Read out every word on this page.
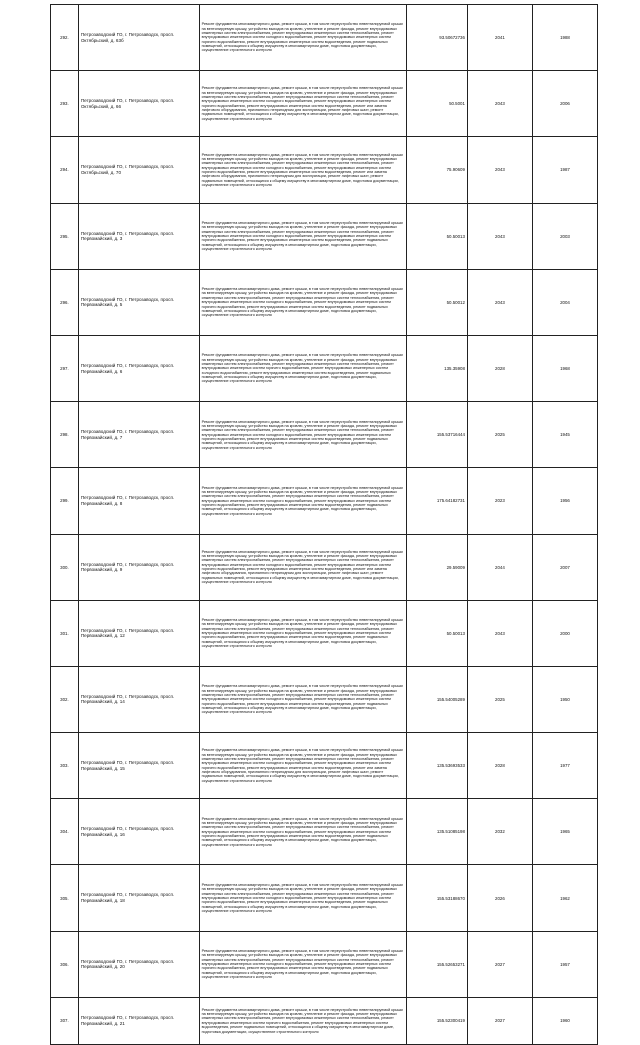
292.	Петрозаводский ГО, г. Петрозаводск, просп. Октябрьский, д. 63б	Ремонт фундамента многоквартирного дома, ремонт крыши, в том числе переустройство невентилируемой крыши на вентилируемую крышу, устройство выходов на кровлю, утепление и ремонт фасада, ремонт внутридомовых инженерных систем электроснабжения, ремонт внутридомовых инженерных систем теплоснабжения, ремонт внутридомовых инженерных систем холодного водоснабжения, ремонт внутридомовых инженерных систем горячего водоснабжения, ремонт внутридомовых инженерных систем водоотведения, ремонт подвальных помещений, относящихся к общему имуществу в многоквартирном доме, подготовка документации, осуществление строительного контроля	93.50672736	2041	1988
293.	Петрозаводский ГО, г. Петрозаводск, просп. Октябрьский, д. 66	Ремонт фундамента многоквартирного дома, ремонт крыши, в том числе переустройство невентилируемой крыши на вентилируемую крышу, устройство выходов на кровлю, утепление и ремонт фасада, ремонт внутридомовых инженерных систем электроснабжения, ремонт внутридомовых инженерных систем теплоснабжения, ремонт внутридомовых инженерных систем холодного водоснабжения, ремонт внутридомовых инженерных систем горячего водоснабжения, ремонт внутридомовых инженерных систем водоотведения, ремонт или замена лифтового оборудования, признанного непригодным для эксплуатации, ремонт лифтовых шахт, ремонт подвальных помещений, относящихся к общему имуществу в многоквартирном доме, подготовка документации, осуществление строительного контроля	50.5001	2043	2006
294.	Петрозаводский ГО, г. Петрозаводск, просп. Октябрьский, д. 70	Ремонт фундамента многоквартирного дома, ремонт крыши, в том числе переустройство невентилируемой крыши на вентилируемую крышу, устройство выходов на кровлю, утепление и ремонт фасада, ремонт внутридомовых инженерных систем электроснабжения, ремонт внутридомовых инженерных систем теплоснабжения, ремонт внутридомовых инженерных систем холодного водоснабжения, ремонт внутридомовых инженерных систем горячего водоснабжения, ремонт внутридомовых инженерных систем водоотведения, ремонт или замена лифтового оборудования, признанного непригодным для эксплуатации, ремонт лифтовых шахт, ремонт подвальных помещений, относящихся к общему имуществу в многоквартирном доме, подготовка документации, осуществление строительного контроля	75.90609	2043	1987
295.	Петрозаводский ГО, г. Петрозаводск, просп. Первомайский, д. 3	Ремонт фундамента многоквартирного дома, ремонт крыши, в том числе переустройство невентилируемой крыши на вентилируемую крышу, устройство выходов на кровлю, утепление и ремонт фасада, ремонт внутридомовых инженерных систем электроснабжения, ремонт внутридомовых инженерных систем теплоснабжения, ремонт внутридомовых инженерных систем холодного водоснабжения, ремонт внутридомовых инженерных систем горячего водоснабжения, ремонт внутридомовых инженерных систем водоотведения, ремонт подвальных помещений, относящихся к общему имуществу в многоквартирном доме, подготовка документации, осуществление строительного контроля	50.50013	2043	2003
296.	Петрозаводский ГО, г. Петрозаводск, просп. Первомайский, д. 5	Ремонт фундамента многоквартирного дома, ремонт крыши, в том числе переустройство невентилируемой крыши на вентилируемую крышу, устройство выходов на кровлю, утепление и ремонт фасада, ремонт внутридомовых инженерных систем электроснабжения, ремонт внутридомовых инженерных систем теплоснабжения, ремонт внутридомовых инженерных систем холодного водоснабжения, ремонт внутридомовых инженерных систем горячего водоснабжения, ремонт внутридомовых инженерных систем водоотведения, ремонт подвальных помещений, относящихся к общему имуществу в многоквартирном доме, подготовка документации, осуществление строительного контроля	50.50012	2043	2004
297.	Петрозаводский ГО, г. Петрозаводск, просп. Первомайский, д. 6	Ремонт фундамента многоквартирного дома, ремонт крыши, в том числе переустройство невентилируемой крыши на вентилируемую крышу, устройство выходов на кровлю, утепление и ремонт фасада, ремонт внутридомовых инженерных систем электроснабжения, ремонт внутридомовых инженерных систем теплоснабжения, ремонт внутридомовых инженерных систем горячего водоснабжения, ремонт внутридомовых инженерных систем холодного водоснабжения, ремонт внутридомовых инженерных систем водоотведения, ремонт подвальных помещений, относящихся к общему имуществу в многоквартирном доме, подготовка документации, осуществление строительного контроля	135.35908	2028	1968
298.	Петрозаводский ГО, г. Петрозаводск, просп. Первомайский, д. 7	Ремонт фундамента многоквартирного дома, ремонт крыши, в том числе переустройство невентилируемой крыши на вентилируемую крышу, устройство выходов на кровлю, утепление и ремонт фасада, ремонт внутридомовых инженерных систем электроснабжения, ремонт внутридомовых инженерных систем теплоснабжения, ремонт внутридомовых инженерных систем холодного водоснабжения, ремонт внутридомовых инженерных систем горячего водоснабжения, ремонт внутридомовых инженерных систем водоотведения, ремонт подвальных помещений, относящихся к общему имуществу в многоквартирном доме, подготовка документации, осуществление строительного контроля	155.53716444	2025	1945
299.	Петрозаводский ГО, г. Петрозаводск, просп. Первомайский, д. 8	Ремонт фундамента многоквартирного дома, ремонт крыши, в том числе переустройство невентилируемой крыши на вентилируемую крышу, устройство выходов на кровлю, утепление и ремонт фасада, ремонт внутридомовых инженерных систем электроснабжения, ремонт внутридомовых инженерных систем теплоснабжения, ремонт внутридомовых инженерных систем холодного водоснабжения, ремонт внутридомовых инженерных систем горячего водоснабжения, ремонт внутридомовых инженерных систем водоотведения, ремонт подвальных помещений, относящихся к общему имуществу в многоквартирном доме, подготовка документации, осуществление строительного контроля	175.64182731	2023	1956
300.	Петрозаводский ГО, г. Петрозаводск, просп. Первомайский, д. 9	Ремонт фундамента многоквартирного дома, ремонт крыши, в том числе переустройство невентилируемой крыши на вентилируемую крышу, устройство выходов на кровлю, утепление и ремонт фасада, ремонт внутридомовых инженерных систем электроснабжения, ремонт внутридомовых инженерных систем теплоснабжения, ремонт внутридомовых инженерных систем холодного водоснабжения, ремонт внутридомовых инженерных систем горячего водоснабжения, ремонт внутридомовых инженерных систем водоотведения, ремонт или замена лифтового оборудования, признанного непригодным для эксплуатации, ремонт лифтовых шахт, ремонт подвальных помещений, относящихся к общему имуществу в многоквартирном доме, подготовка документации, осуществление строительного контроля	29.59009	2044	2007
301.	Петрозаводский ГО, г. Петрозаводск, просп. Первомайский, д. 12	Ремонт фундамента многоквартирного дома, ремонт крыши, в том числе переустройство невентилируемой крыши на вентилируемую крышу, устройство выходов на кровлю, утепление и ремонт фасада, ремонт внутридомовых инженерных систем электроснабжения, ремонт внутридомовых инженерных систем теплоснабжения, ремонт внутридомовых инженерных систем холодного водоснабжения, ремонт внутридомовых инженерных систем горячего водоснабжения, ремонт внутридомовых инженерных систем водоотведения, ремонт подвальных помещений, относящихся к общему имуществу в многоквартирном доме, подготовка документации, осуществление строительного контроля	50.50013	2043	2000
302.	Петрозаводский ГО, г. Петрозаводск, просп. Первомайский, д. 14	Ремонт фундамента многоквартирного дома, ремонт крыши, в том числе переустройство невентилируемой крыши на вентилируемую крышу, устройство выходов на кровлю, утепление и ремонт фасада, ремонт внутридомовых инженерных систем электроснабжения, ремонт внутридомовых инженерных систем теплоснабжения, ремонт внутридомовых инженерных систем холодного водоснабжения, ремонт внутридомовых инженерных систем горячего водоснабжения, ремонт внутридомовых инженерных систем водоотведения, ремонт подвальных помещений, относящихся к общему имуществу в многоквартирном доме, подготовка документации, осуществление строительного контроля	155.54005289	2025	1950
303.	Петрозаводский ГО, г. Петрозаводск, просп. Первомайский, д. 15	Ремонт фундамента многоквартирного дома, ремонт крыши, в том числе переустройство невентилируемой крыши на вентилируемую крышу, устройство выходов на кровлю, утепление и ремонт фасада, ремонт внутридомовых инженерных систем электроснабжения, ремонт внутридомовых инженерных систем теплоснабжения, ремонт внутридомовых инженерных систем холодного водоснабжения, ремонт внутридомовых инженерных систем горячего водоснабжения, ремонт внутридомовых инженерных систем водоотведения, ремонт или замена лифтового оборудования, признанного непригодным для эксплуатации, ремонт лифтовых шахт, ремонт подвальных помещений, относящихся к общему имуществу в многоквартирном доме, подготовка документации, осуществление строительного контроля	135.53693533	2028	1977
304.	Петрозаводский ГО, г. Петрозаводск, просп. Первомайский, д. 16	Ремонт фундамента многоквартирного дома, ремонт крыши, в том числе переустройство невентилируемой крыши на вентилируемую крышу, устройство выходов на кровлю, утепление и ремонт фасада, ремонт внутридомовых инженерных систем электроснабжения, ремонт внутридомовых инженерных систем теплоснабжения, ремонт внутридомовых инженерных систем холодного водоснабжения, ремонт внутридомовых инженерных систем горячего водоснабжения, ремонт внутридомовых инженерных систем водоотведения, ремонт подвальных помещений, относящихся к общему имуществу в многоквартирном доме, подготовка документации, осуществление строительного контроля	135.51085198	2032	1965
305.	Петрозаводский ГО, г. Петрозаводск, просп. Первомайский, д. 18	Ремонт фундамента многоквартирного дома, ремонт крыши, в том числе переустройство невентилируемой крыши на вентилируемую крышу, устройство выходов на кровлю, утепление и ремонт фасада, ремонт внутридомовых инженерных систем электроснабжения, ремонт внутридомовых инженерных систем теплоснабжения, ремонт внутридомовых инженерных систем холодного водоснабжения, ремонт внутридомовых инженерных систем горячего водоснабжения, ремонт внутридомовых инженерных систем водоотведения, ремонт подвальных помещений, относящихся к общему имуществу в многоквартирном доме, подготовка документации, осуществление строительного контроля	155.53188670	2026	1962
306.	Петрозаводский ГО, г. Петрозаводск, просп. Первомайский, д. 20	Ремонт фундамента многоквартирного дома, ремонт крыши, в том числе переустройство невентилируемой крыши на вентилируемую крышу, устройство выходов на кровлю, утепление и ремонт фасада, ремонт внутридомовых инженерных систем электроснабжения, ремонт внутридомовых инженерных систем теплоснабжения, ремонт внутридомовых инженерных систем холодного водоснабжения, ремонт внутридомовых инженерных систем горячего водоснабжения, ремонт внутридомовых инженерных систем водоотведения, ремонт подвальных помещений, относящихся к общему имуществу в многоквартирном доме, подготовка документации, осуществление строительного контроля	155.52653271	2027	1957
307.	Петрозаводский ГО, г. Петрозаводск, просп. Первомайский, д. 21	Ремонт фундамента многоквартирного дома, ремонт крыши, в том числе переустройство невентилируемой крыши на вентилируемую крышу, устройство выходов на кровлю, утепление и ремонт фасада, ремонт внутридомовых инженерных систем электроснабжения, ремонт внутридомовых инженерных систем теплоснабжения, ремонт внутридомовых инженерных систем горячего водоснабжения, ремонт внутридомовых инженерных систем водоотведения, ремонт подвальных помещений, относящихся к общему имуществу в многоквартирном доме, подготовка документации, осуществление строительного контроля	155.52300419	2027	1960
